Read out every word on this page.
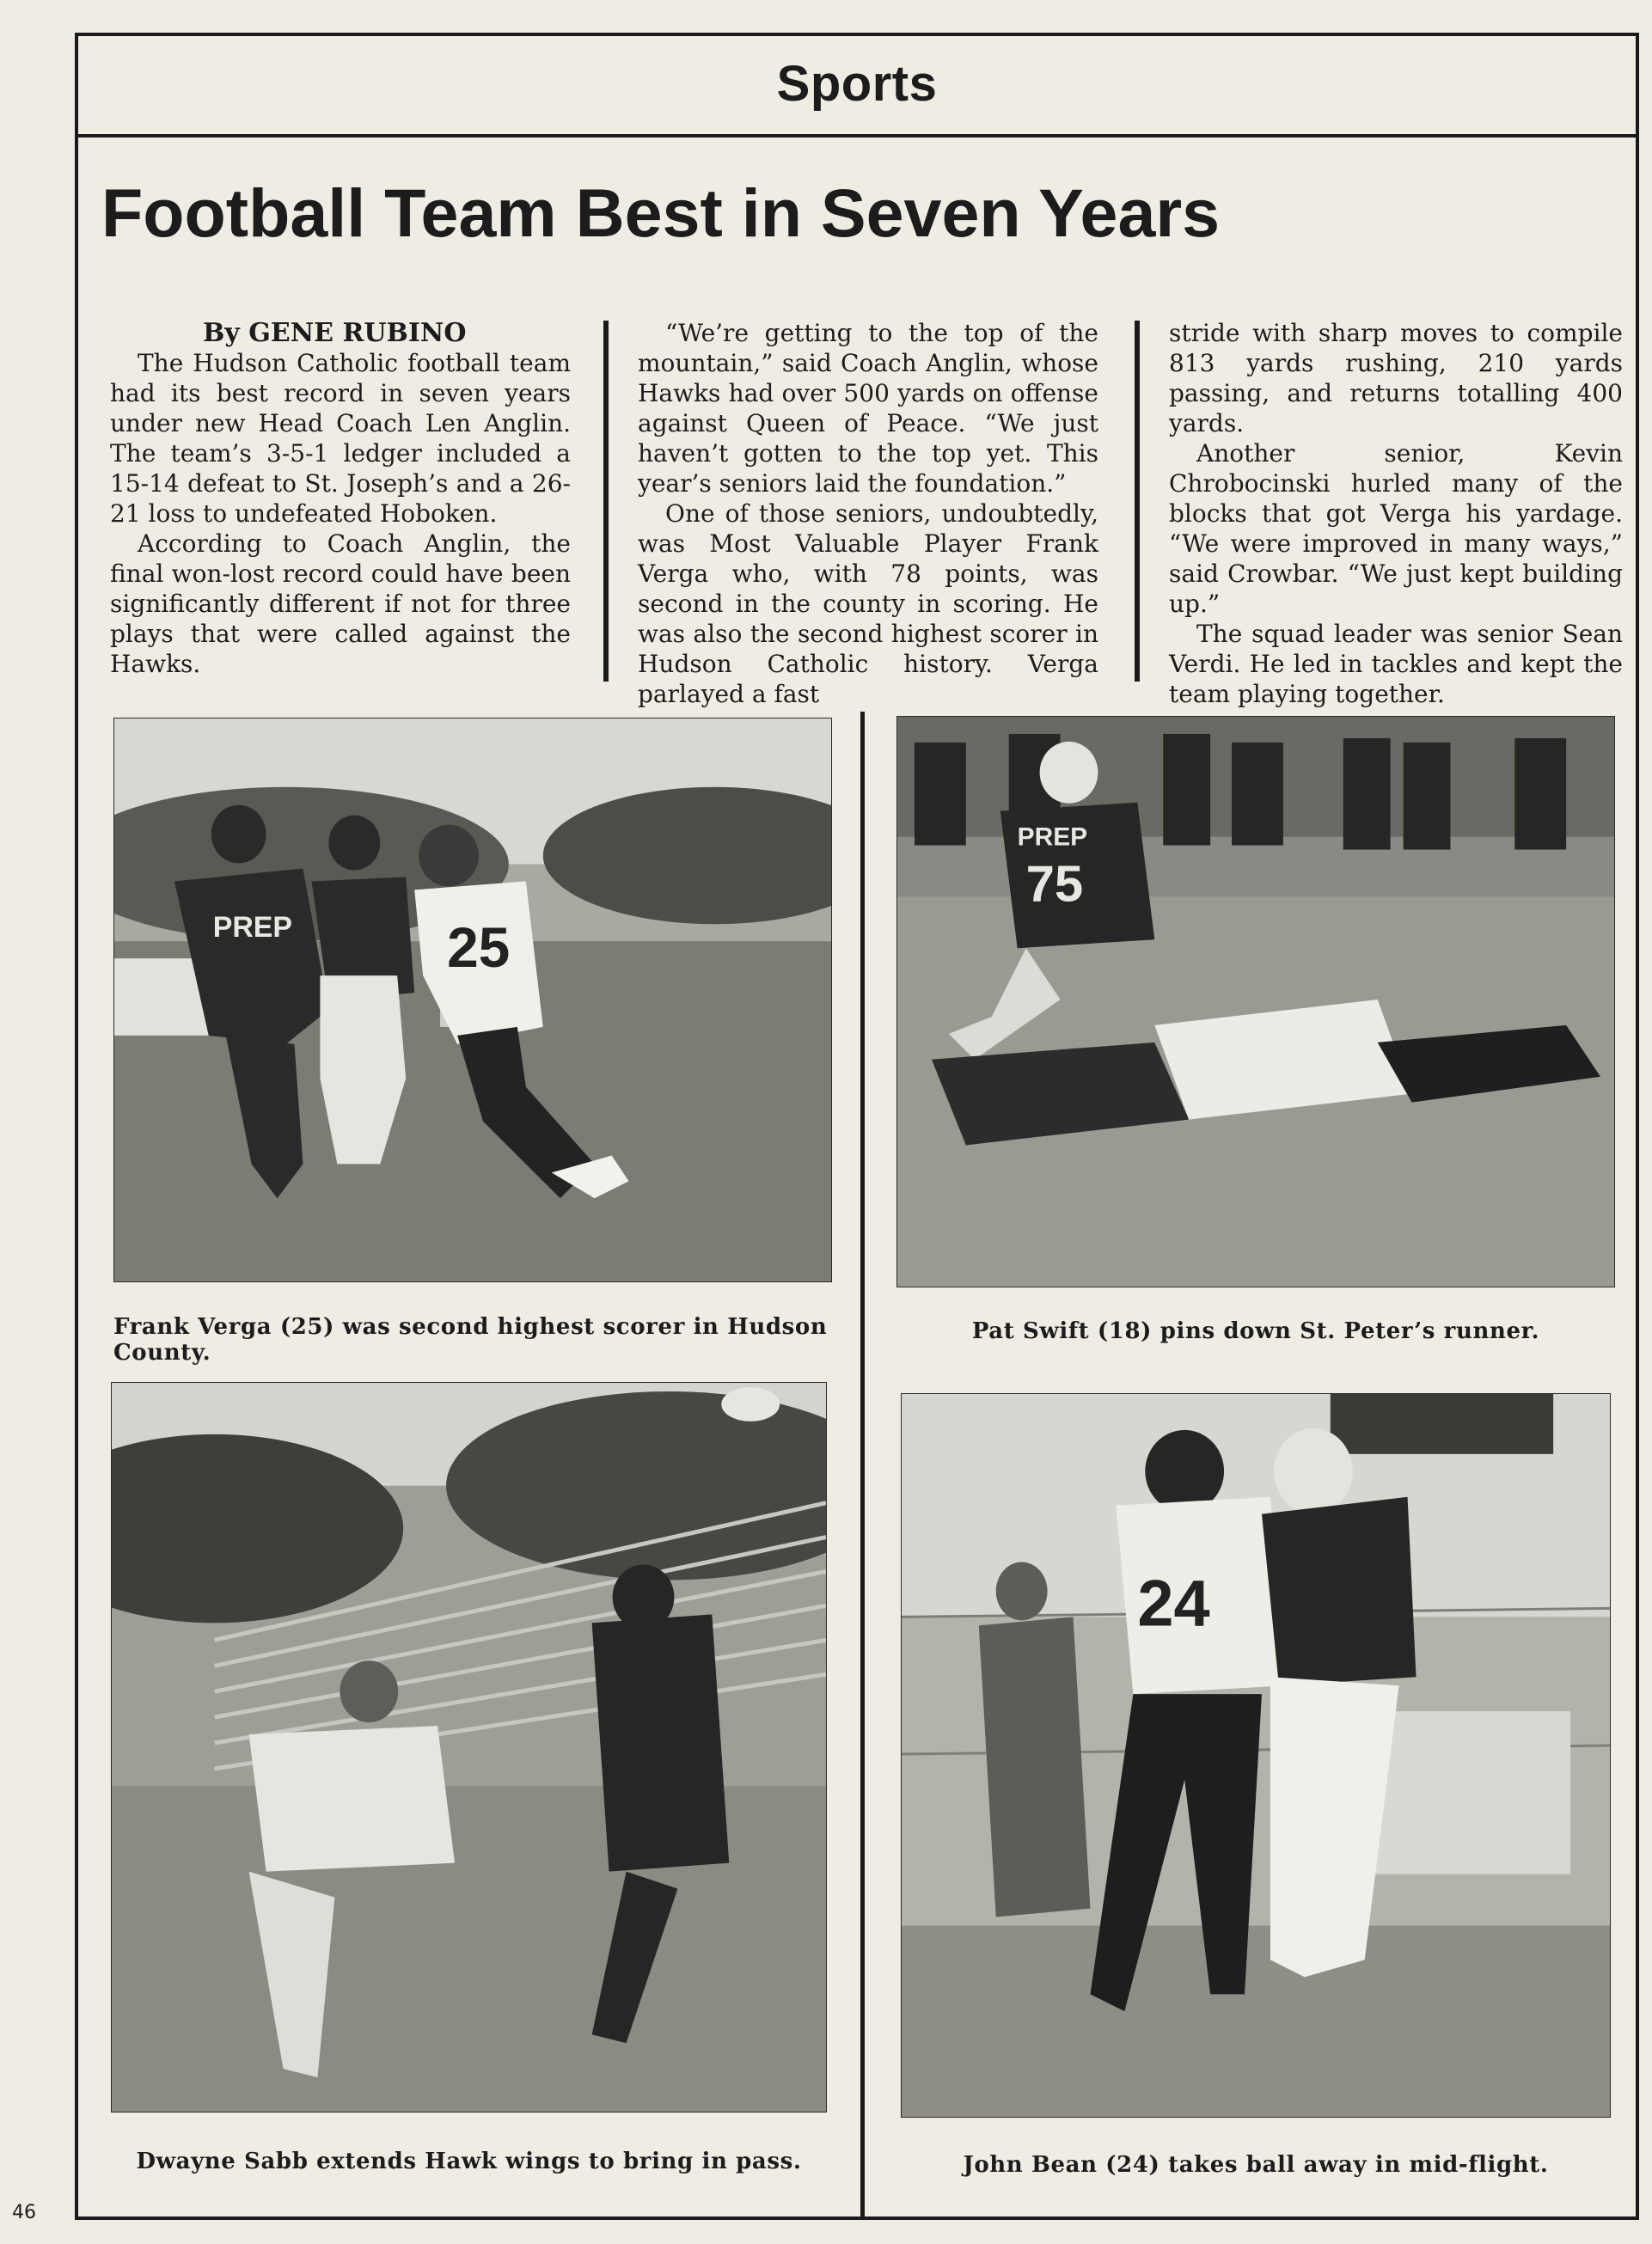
Sports
Football Team Best in Seven Years

By GENE RUBINO

The Hudson Catholic football team had its best record in seven years under new Head Coach Len Anglin. The team’s 3-5-1 ledger included a 15-14 defeat to St. Joseph’s and a 26-21 loss to undefeated Hoboken.

According to Coach Anglin, the final won-lost record could have been significantly different if not for three plays that were called against the Hawks.

“We’re getting to the top of the mountain,” said Coach Anglin, whose Hawks had over 500 yards on offense against Queen of Peace. “We just haven’t gotten to the top yet. This year’s seniors laid the foundation.”

One of those seniors, undoubtedly, was Most Valuable Player Frank Verga who, with 78 points, was second in the county in scoring. He was also the second highest scorer in Hudson Catholic history. Verga parlayed a fast

stride with sharp moves to compile 813 yards rushing, 210 yards passing, and returns totalling 400 yards.

Another senior, Kevin Chrobocinski hurled many of the blocks that got Verga his yardage. “We were improved in many ways,” said Crowbar. “We just kept building up.”

The squad leader was senior Sean Verdi. He led in tackles and kept the team playing together.

PREP	25
PREP
75
24
Frank Verga (25) was second highest scorer in Hudson County.
Pat Swift (18) pins down St. Peter’s runner.
Dwayne Sabb extends Hawk wings to bring in pass.	John Bean (24) takes ball away in mid-flight.
46
